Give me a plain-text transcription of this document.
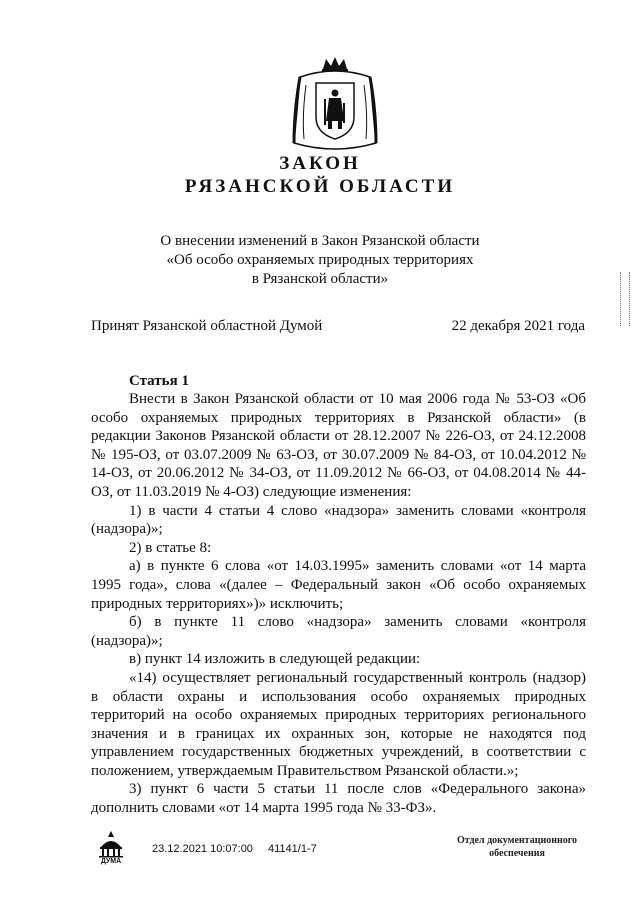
ЗАКОН
РЯЗАНСКОЙ ОБЛАСТИ
О внесении изменений в Закон Рязанской области
«Об особо охраняемых природных территориях
в Рязанской области»
Принят Рязанской областной Думой	22 декабря 2021 года
Статья 1

Внести в Закон Рязанской области от 10 мая 2006 года № 53-ОЗ «Об особо охраняемых природных территориях в Рязанской области» (в редакции Законов Рязанской области от 28.12.2007 № 226-ОЗ, от 24.12.2008 № 195-ОЗ, от 03.07.2009 № 63-ОЗ, от 30.07.2009 № 84-ОЗ, от 10.04.2012 № 14-ОЗ, от 20.06.2012 № 34-ОЗ, от 11.09.2012 № 66-ОЗ, от 04.08.2014 № 44-ОЗ, от 11.03.2019 № 4-ОЗ) следующие изменения:

1) в части 4 статьи 4 слово «надзора» заменить словами «контроля (надзора)»;

2) в статье 8:

а) в пункте 6 слова «от 14.03.1995» заменить словами «от 14 марта 1995 года», слова «(далее – Федеральный закон «Об особо охраняемых природных территориях»)» исключить;

б) в пункте 11 слово «надзора» заменить словами «контроля (надзора)»;

в) пункт 14 изложить в следующей редакции:

«14) осуществляет региональный государственный контроль (надзор) в области охраны и использования особо охраняемых природных территорий на особо охраняемых природных территориях регионального значения и в границах их охранных зон, которые не находятся под управлением государственных бюджетных учреждений, в соответствии с положением, утверждаемым Правительством Рязанской области.»;

3) пункт 6 части 5 статьи 11 после слов «Федерального закона» дополнить словами «от 14 марта 1995 года № 33-ФЗ».

ДУМА
23.12.2021 10:07:00 41141/1-7
Отдел документационного
обеспечения
